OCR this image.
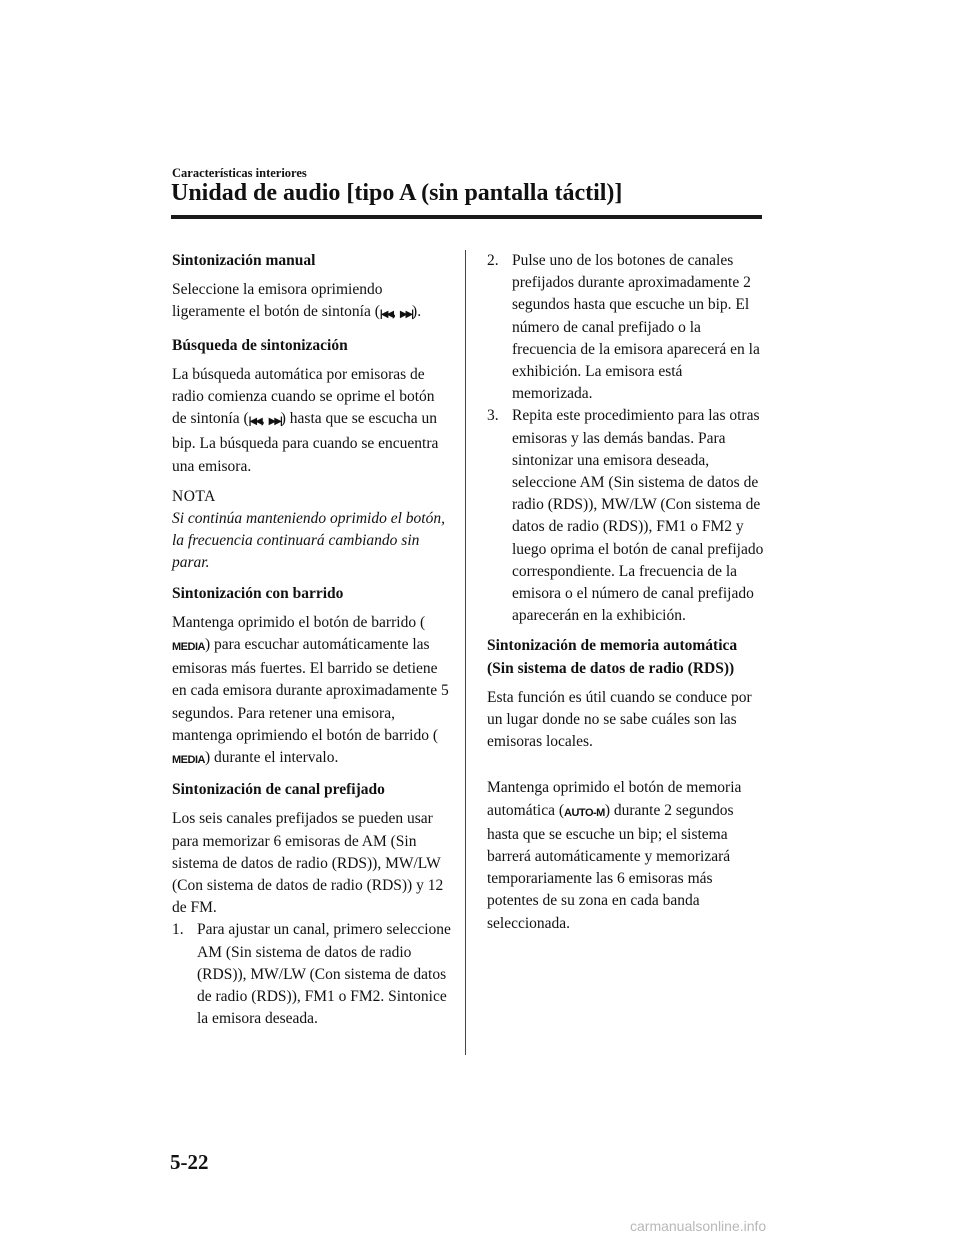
Características interiores
Unidad de audio [tipo A (sin pantalla táctil)]

Sintonización manual

Seleccione la emisora oprimiendo ligeramente el botón de sintonía (|◀◀, ▶▶|).

Búsqueda de sintonización

La búsqueda automática por emisoras de radio comienza cuando se oprime el botón de sintonía (|◀◀, ▶▶|) hasta que se escucha un bip. La búsqueda para cuando se encuentra una emisora.

NOTA

Si continúa manteniendo oprimido el botón, la frecuencia continuará cambiando sin parar.

Sintonización con barrido

Mantenga oprimido el botón de barrido (MEDIA) para escuchar automáticamente las emisoras más fuertes. El barrido se detiene en cada emisora durante aproximadamente 5 segundos. Para retener una emisora, mantenga oprimiendo el botón de barrido (MEDIA) durante el intervalo.

Sintonización de canal prefijado

Los seis canales prefijados se pueden usar para memorizar 6 emisoras de AM (Sin sistema de datos de radio (RDS)), MW/LW (Con sistema de datos de radio (RDS)) y 12 de FM.

1. Para ajustar un canal, primero seleccione AM (Sin sistema de datos de radio (RDS)), MW/LW (Con sistema de datos de radio (RDS)), FM1 o FM2. Sintonice la emisora deseada.
2. Pulse uno de los botones de canales prefijados durante aproximadamente 2 segundos hasta que escuche un bip. El número de canal prefijado o la frecuencia de la emisora aparecerá en la exhibición. La emisora está memorizada.
3. Repita este procedimiento para las otras emisoras y las demás bandas. Para sintonizar una emisora deseada, seleccione AM (Sin sistema de datos de radio (RDS)), MW/LW (Con sistema de datos de radio (RDS)), FM1 o FM2 y luego oprima el botón de canal prefijado correspondiente. La frecuencia de la emisora o el número de canal prefijado aparecerán en la exhibición.

Sintonización de memoria automática (Sin sistema de datos de radio (RDS))

Esta función es útil cuando se conduce por un lugar donde no se sabe cuáles son las emisoras locales.

Mantenga oprimido el botón de memoria automática (AUTO-M) durante 2 segundos hasta que se escuche un bip; el sistema barrerá automáticamente y memorizará temporariamente las 6 emisoras más potentes de su zona en cada banda seleccionada.

5-22
carmanualsonline.info
